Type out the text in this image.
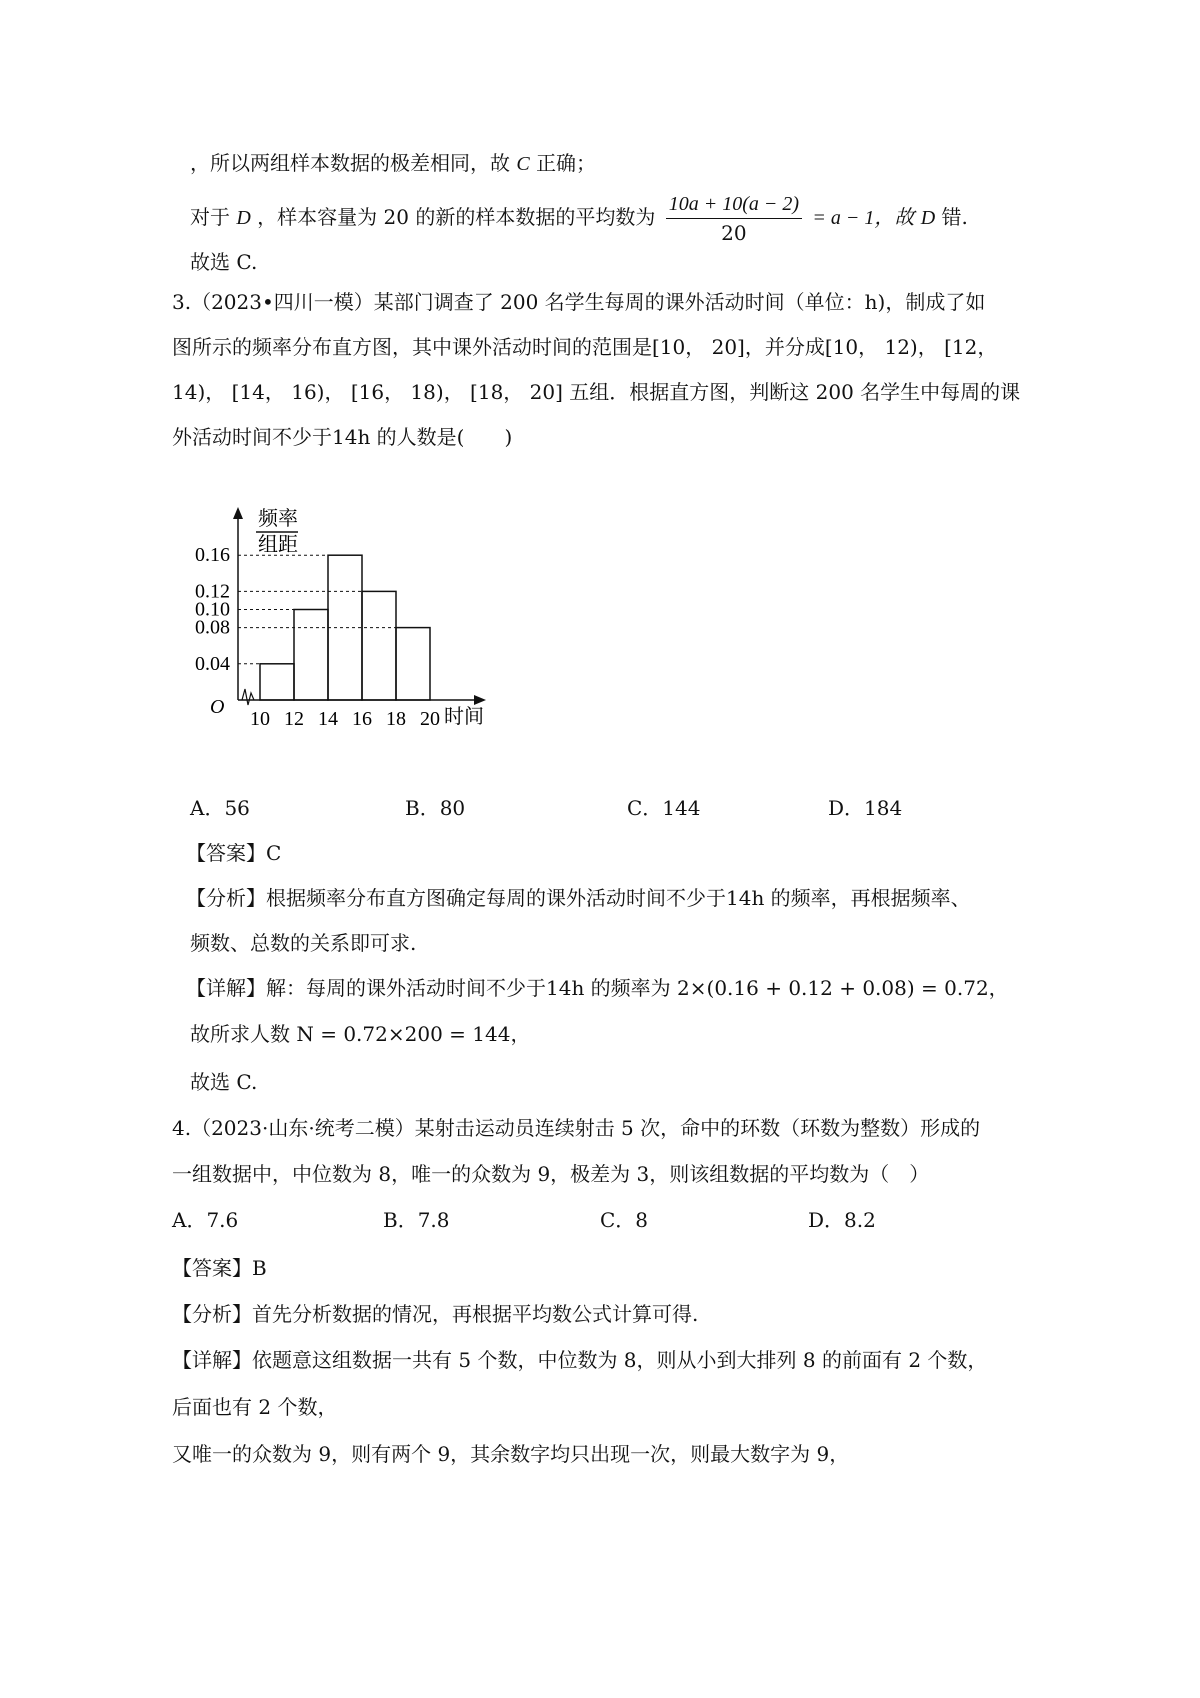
，所以两组样本数据的极差相同，故 C 正确；
对于 D ，样本容量为 20 的新的样本数据的平均数为 $\frac{10a + 10(a - 2)}{20} = a - 1$，故 D 错.
故选 C.
3.（2023•四川一模）某部门调查了 200 名学生每周的课外活动时间（单位：h)，制成了如
图所示的频率分布直方图，其中课外活动时间的范围是[10， 20]，并分成[10， 12)， [12，
14)， [14， 16)， [16， 18)， [18， 20] 五组．根据直方图，判断这 200 名学生中每周的课
外活动时间不少于14h 的人数是(　　)
频率
组距
O	时间
0.16
0.12
0.10
0.08
0.04
10 12 14 16 18 20
A．56	B．80	C．144	D．184
【答案】C
【分析】根据频率分布直方图确定每周的课外活动时间不少于14h 的频率，再根据频率、
频数、总数的关系即可求.
【详解】解：每周的课外活动时间不少于14h 的频率为 2×(0.16 + 0.12 + 0.08) = 0.72，
故所求人数 N = 0.72×200 = 144，
故选 C.
4.（2023·山东·统考二模）某射击运动员连续射击 5 次，命中的环数（环数为整数）形成的
一组数据中，中位数为 8，唯一的众数为 9，极差为 3，则该组数据的平均数为（　）
A．7.6	B．7.8	C．8	D．8.2
【答案】B
【分析】首先分析数据的情况，再根据平均数公式计算可得.
【详解】依题意这组数据一共有 5 个数，中位数为 8，则从小到大排列 8 的前面有 2 个数，
后面也有 2 个数，
又唯一的众数为 9，则有两个 9，其余数字均只出现一次，则最大数字为 9，
